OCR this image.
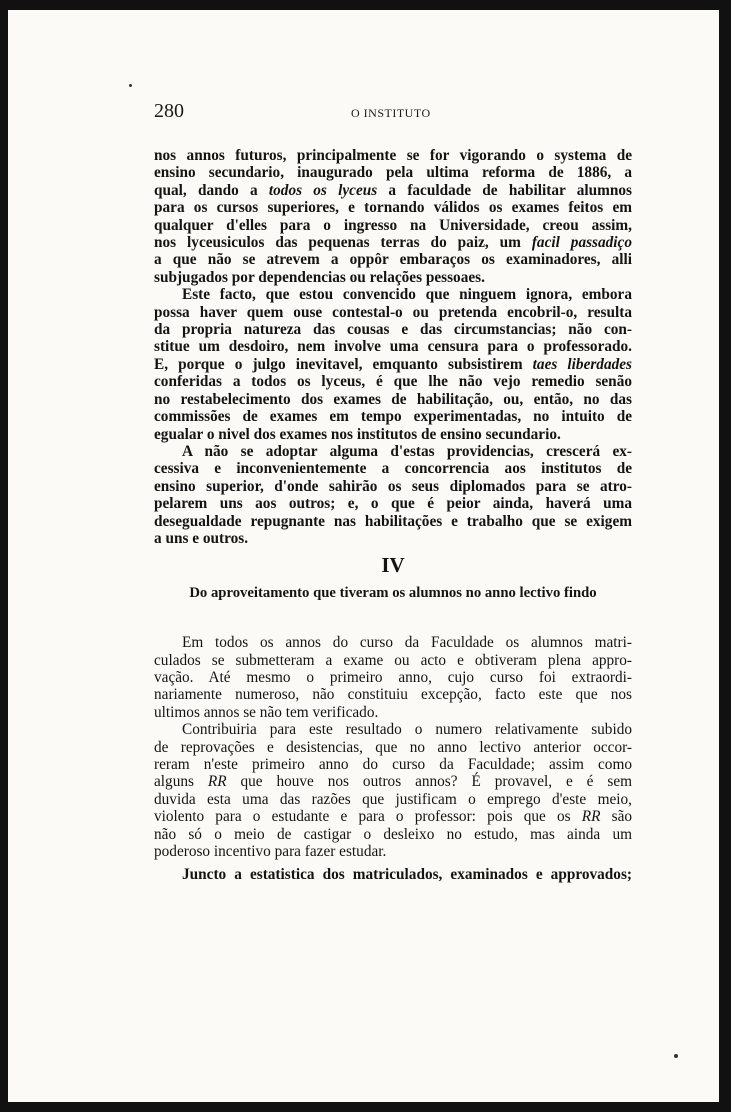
280	O INSTITUTO
nos annos futuros, principalmente se for vigorando o systema de
ensino secundario, inaugurado pela ultima reforma de 1886, a
qual, dando a todos os lyceus a faculdade de habilitar alumnos
para os cursos superiores, e tornando válidos os exames feitos em
qualquer d'elles para o ingresso na Universidade, creou assim,
nos lyceusiculos das pequenas terras do paiz, um facil passadiço
a que não se atrevem a oppôr embaraços os examinadores, alli
subjugados por dependencias ou relações pessoaes.
Este facto, que estou convencido que ninguem ignora, embora
possa haver quem ouse contestal-o ou pretenda encobril-o, resulta
da propria natureza das cousas e das circumstancias; não con-
stitue um desdoiro, nem involve uma censura para o professorado.
E, porque o julgo inevitavel, emquanto subsistirem taes liberdades
conferidas a todos os lyceus, é que lhe não vejo remedio senão
no restabelecimento dos exames de habilitação, ou, então, no das
commissões de exames em tempo experimentadas, no intuito de
egualar o nivel dos exames nos institutos de ensino secundario.
A não se adoptar alguma d'estas providencias, crescerá ex-
cessiva e inconvenientemente a concorrencia aos institutos de
ensino superior, d'onde sahirão os seus diplomados para se atro-
pelarem uns aos outros; e, o que é peior ainda, haverá uma
desegualdade repugnante nas habilitações e trabalho que se exigem
a uns e outros.
IV
Do aproveitamento que tiveram os alumnos no anno lectivo findo
Em todos os annos do curso da Faculdade os alumnos matri-
culados se submetteram a exame ou acto e obtiveram plena appro-
vação. Até mesmo o primeiro anno, cujo curso foi extraordi-
nariamente numeroso, não constituiu excepção, facto este que nos
ultimos annos se não tem verificado.
Contribuiria para este resultado o numero relativamente subido
de reprovações e desistencias, que no anno lectivo anterior occor-
reram n'este primeiro anno do curso da Faculdade; assim como
alguns RR que houve nos outros annos? É provavel, e é sem
duvida esta uma das razões que justificam o emprego d'este meio,
violento para o estudante e para o professor: pois que os RR são
não só o meio de castigar o desleixo no estudo, mas ainda um
poderoso incentivo para fazer estudar.
Juncto a estatistica dos matriculados, examinados e approvados;
